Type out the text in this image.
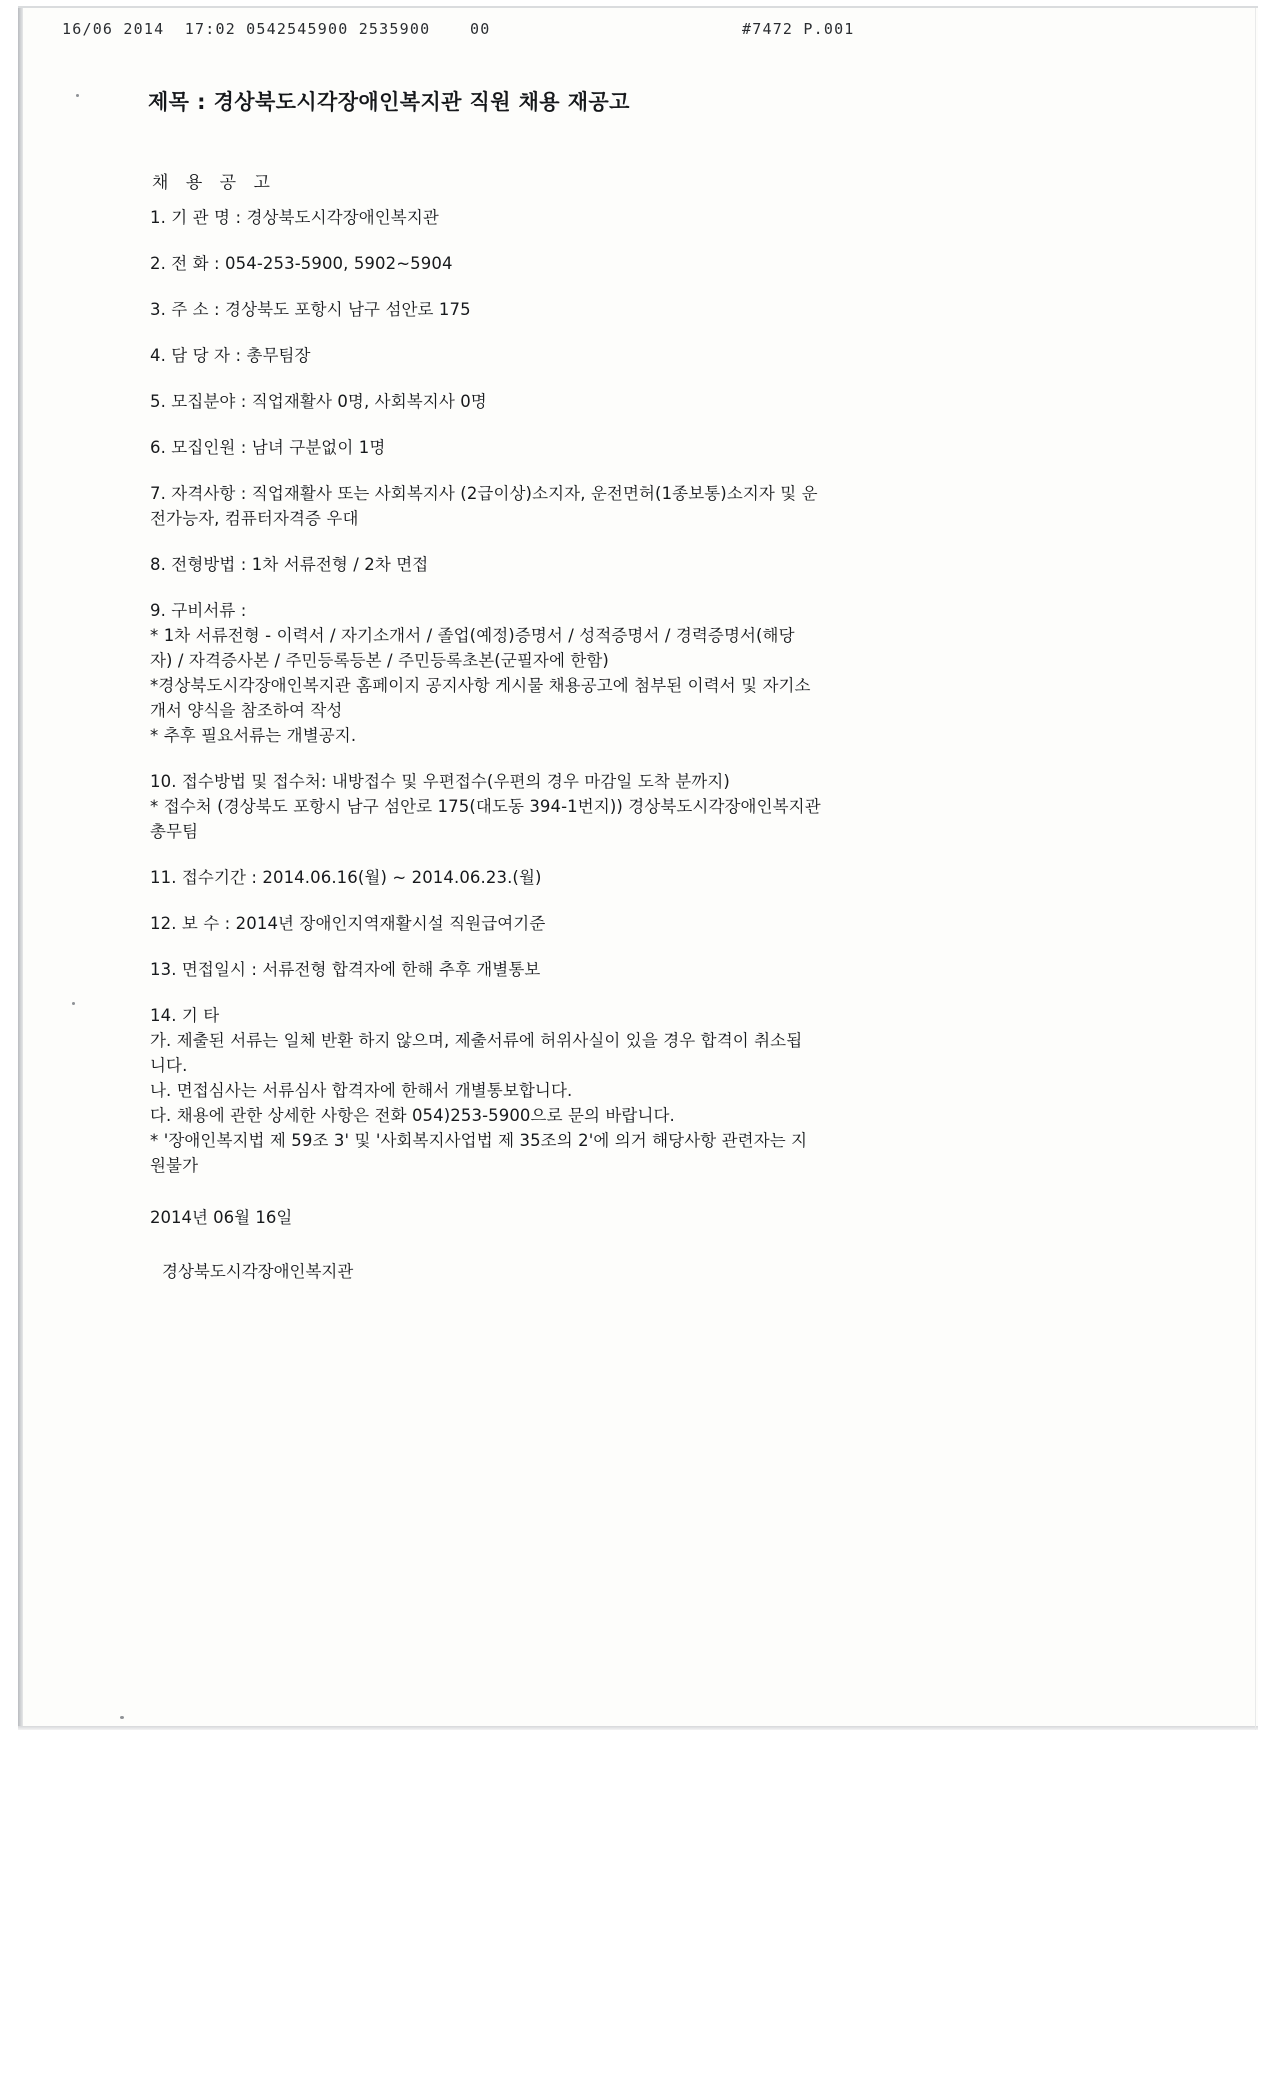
16/06 2014  17:02 0542545900 2535900	00	#7472 P.001
제목 : 경상북도시각장애인복지관 직원 채용 재공고
채 용 공 고

1. 기 관 명 : 경상북도시각장애인복지관

2. 전 화 : 054-253-5900, 5902~5904

3. 주 소 : 경상북도 포항시 남구 섬안로 175

4. 담 당 자 : 총무팀장

5. 모집분야 : 직업재활사 0명, 사회복지사 0명

6. 모집인원 : 남녀 구분없이 1명

7. 자격사항 : 직업재활사 또는 사회복지사 (2급이상)소지자, 운전면허(1종보통)소지자 및 운
전가능자, 컴퓨터자격증 우대

8. 전형방법 : 1차 서류전형 / 2차 면접

9. 구비서류 :
* 1차 서류전형 - 이력서 / 자기소개서 / 졸업(예정)증명서 / 성적증명서 / 경력증명서(해당
자) / 자격증사본 / 주민등록등본 / 주민등록초본(군필자에 한함)
*경상북도시각장애인복지관 홈페이지 공지사항 게시물 채용공고에 첨부된 이력서 및 자기소
개서 양식을 참조하여 작성
* 추후 필요서류는 개별공지.

10. 접수방법 및 접수처: 내방접수 및 우편접수(우편의 경우 마감일 도착 분까지)
* 접수처 (경상북도 포항시 남구 섬안로 175(대도동 394-1번지)) 경상북도시각장애인복지관
총무팀

11. 접수기간 : 2014.06.16(월) ~ 2014.06.23.(월)

12. 보 수 : 2014년 장애인지역재활시설 직원급여기준

13. 면접일시 : 서류전형 합격자에 한해 추후 개별통보

14. 기 타
가. 제출된 서류는 일체 반환 하지 않으며, 제출서류에 허위사실이 있을 경우 합격이 취소됩
니다.
나. 면접심사는 서류심사 합격자에 한해서 개별통보합니다.
다. 채용에 관한 상세한 사항은 전화 054)253-5900으로 문의 바랍니다.
* '장애인복지법 제 59조 3' 및 '사회복지사업법 제 35조의 2'에 의거 해당사항 관련자는 지
원불가

2014년 06월 16일
경상북도시각장애인복지관
